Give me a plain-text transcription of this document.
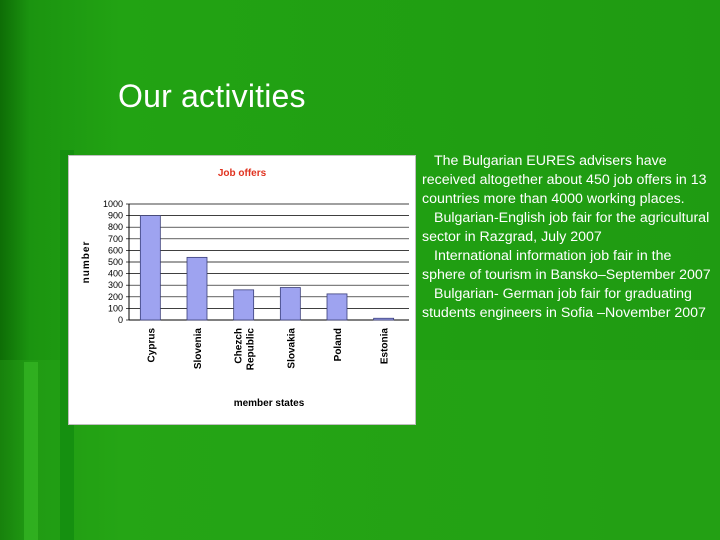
Our activities
Job offers
0
100
200
300
400
500
600
700
800
900
1000
number
Cyprus	Slovenia	ChezchRepublic	Slovakia	Poland	Estonia
member states

The Bulgarian EURES advisers have received altogether about 450 job offers in 13 countries more than 4000 working places.

Bulgarian-English job fair for the agricultural sector in Razgrad, July 2007

International information job fair in the sphere of tourism in Bansko–September 2007

Bulgarian- German job fair for graduating students engineers in Sofia –November 2007
